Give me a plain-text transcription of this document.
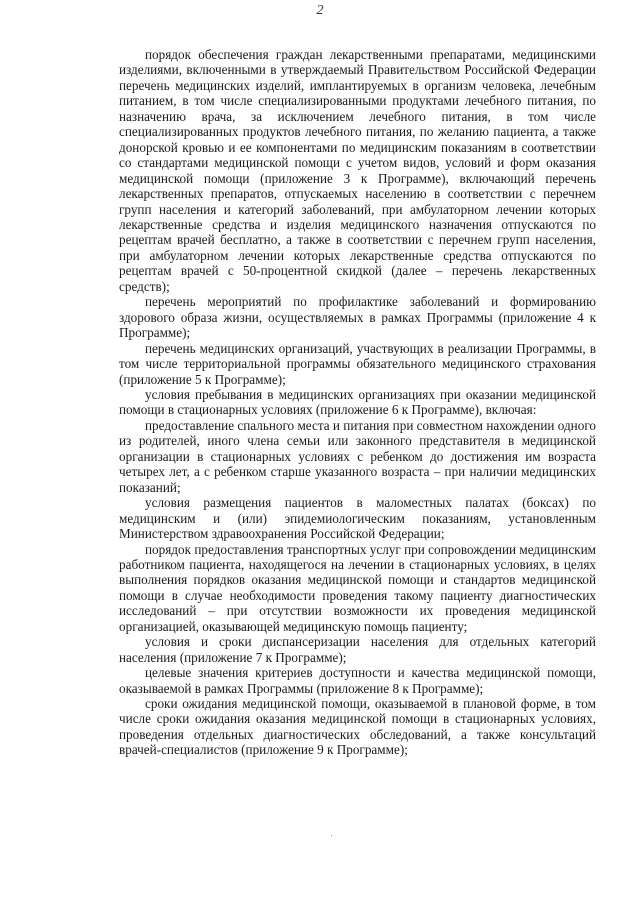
2

порядок обеспечения граждан лекарственными препаратами, медицинскими изделиями, включенными в утверждаемый Правительством Российской Федерации перечень медицинских изделий, имплантируемых в организм человека, лечебным питанием, в том числе специализированными продуктами лечебного питания, по назначению врача, за исключением лечебного питания, в том числе специализированных продуктов лечебного питания, по желанию пациента, а также донорской кровью и ее компонентами по медицинским показаниям в соответствии со стандартами медицинской помощи с учетом видов, условий и форм оказания медицинской помощи (приложение 3 к Программе), включающий перечень лекарственных препаратов, отпускаемых населению в соответствии с перечнем групп населения и категорий заболеваний, при амбулаторном лечении которых лекарственные средства и изделия медицинского назначения отпускаются по рецептам врачей бесплатно, а также в соответствии с перечнем групп населения, при амбулаторном лечении которых лекарственные средства отпускаются по рецептам врачей с 50-процентной скидкой (далее – перечень лекарственных средств);

перечень мероприятий по профилактике заболеваний и формированию здорового образа жизни, осуществляемых в рамках Программы (приложение 4 к Программе);

перечень медицинских организаций, участвующих в реализации Программы, в том числе территориальной программы обязательного медицинского страхования (приложение 5 к Программе);

условия пребывания в медицинских организациях при оказании медицинской помощи в стационарных условиях (приложение 6 к Программе), включая:

предоставление спального места и питания при совместном нахождении одного из родителей, иного члена семьи или законного представителя в медицинской организации в стационарных условиях с ребенком до достижения им возраста четырех лет, а с ребенком старше указанного возраста – при наличии медицинских показаний;

условия размещения пациентов в маломестных палатах (боксах) по медицинским и (или) эпидемиологическим показаниям, установленным Министерством здравоохранения Российской Федерации;

порядок предоставления транспортных услуг при сопровождении медицинским работником пациента, находящегося на лечении в стационарных условиях, в целях выполнения порядков оказания медицинской помощи и стандартов медицинской помощи в случае необходимости проведения такому пациенту диагностических исследований – при отсутствии возможности их проведения медицинской организацией, оказывающей медицинскую помощь пациенту;

условия и сроки диспансеризации населения для отдельных категорий населения (приложение 7 к Программе);

целевые значения критериев доступности и качества медицинской помощи, оказываемой в рамках Программы (приложение 8 к Программе);

сроки ожидания медицинской помощи, оказываемой в плановой форме, в том числе сроки ожидания оказания медицинской помощи в стационарных условиях, проведения отдельных диагностических обследований, а также консультаций врачей-специалистов (приложение 9 к Программе);
